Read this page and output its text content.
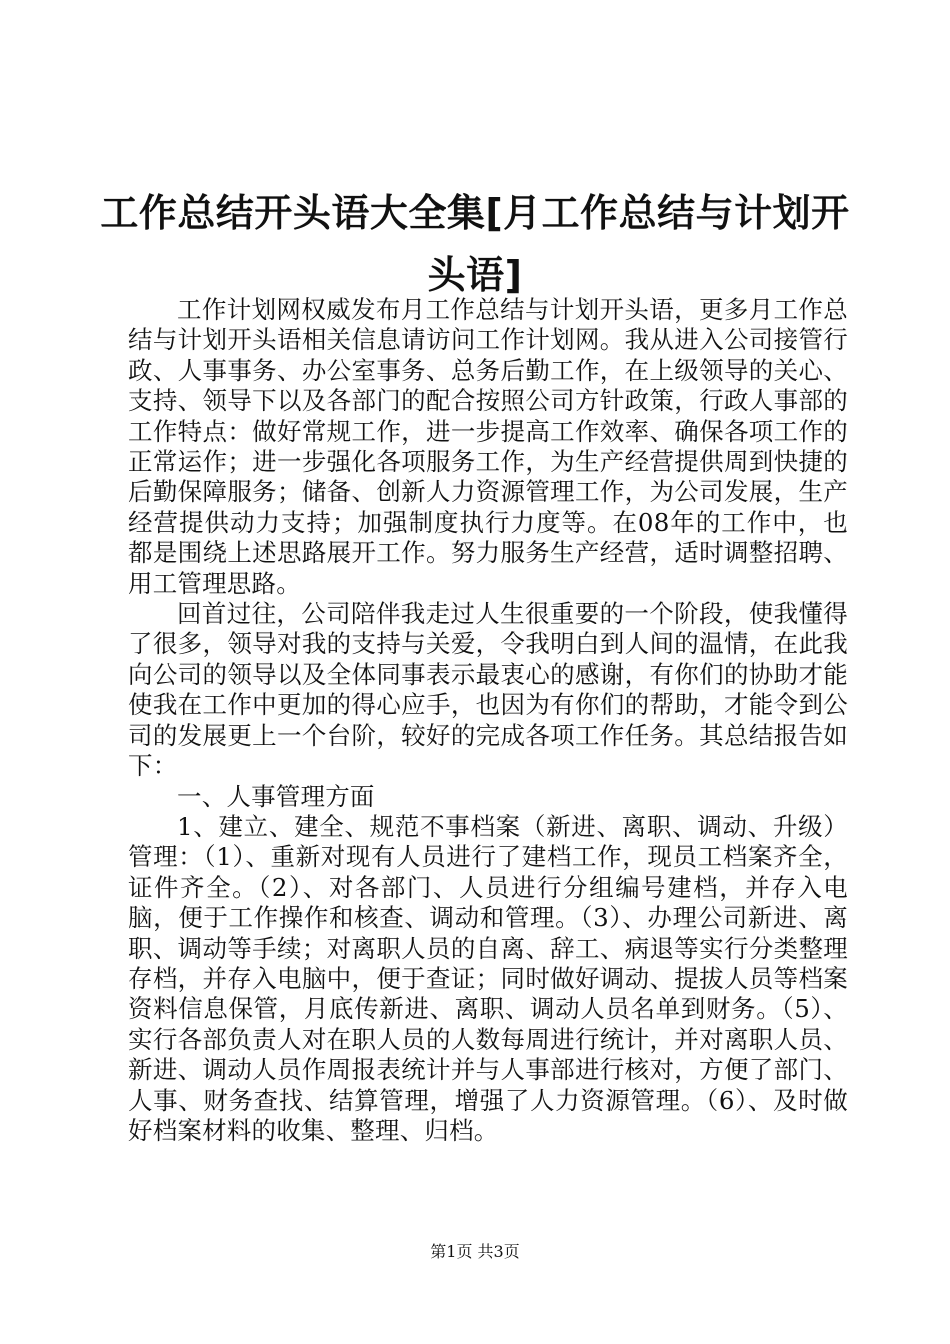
工作总结开头语大全集[月工作总结与计划开
头语]

工作计划网权威发布月工作总结与计划开头语，更多月工作总结与计划开头语相关信息请访问工作计划网。我从进入公司接管行政、人事事务、办公室事务、总务后勤工作，在上级领导的关心、支持、领导下以及各部门的配合按照公司方针政策，行政人事部的工作特点：做好常规工作，进一步提高工作效率、确保各项工作的正常运作；进一步强化各项服务工作，为生产经营提供周到快捷的后勤保障服务；储备、创新人力资源管理工作，为公司发展，生产经营提供动力支持；加强制度执行力度等。在08年的工作中，也都是围绕上述思路展开工作。努力服务生产经营，适时调整招聘、用工管理思路。

回首过往，公司陪伴我走过人生很重要的一个阶段，使我懂得了很多，领导对我的支持与关爱，令我明白到人间的温情，在此我向公司的领导以及全体同事表示最衷心的感谢，有你们的协助才能使我在工作中更加的得心应手，也因为有你们的帮助，才能令到公司的发展更上一个台阶，较好的完成各项工作任务。其总结报告如下：

一、人事管理方面

1、建立、建全、规范不事档案（新进、离职、调动、升级）管理：（1）、重新对现有人员进行了建档工作，现员工档案齐全，证件齐全。（2）、对各部门、人员进行分组编号建档，并存入电脑，便于工作操作和核查、调动和管理。（3）、办理公司新进、离职、调动等手续；对离职人员的自离、辞工、病退等实行分类整理存档，并存入电脑中，便于查证；同时做好调动、提拔人员等档案资料信息保管，月底传新进、离职、调动人员名单到财务。（5）、实行各部负责人对在职人员的人数每周进行统计，并对离职人员、新进、调动人员作周报表统计并与人事部进行核对，方便了部门、人事、财务查找、结算管理，增强了人力资源管理。（6）、及时做好档案材料的收集、整理、归档。

第1页 共3页
